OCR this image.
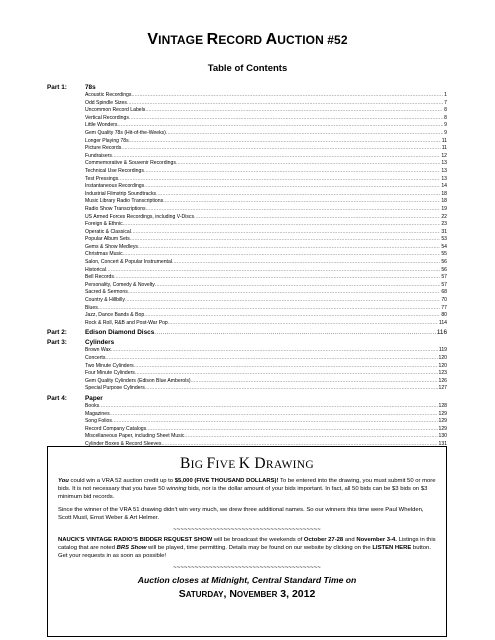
VINTAGE RECORD AUCTION #52
Table of Contents
Part 1:	78s
Acoustic Recordings .....	1
Odd Spindle Sizes .....	7
Uncommon Record Labels .....	8
Vertical Recordings .....	8
Little Wonders .....	9
Gem Quality 78s (Hit-of-the-Weeks) .....	9
Longer Playing 78s .....	11
Picture Records .....	11
Fundraisers .....	12
Commemorative & Souvenir Recordings .....	13
Technical Use Recordings .....	13
Test Pressings .....	13
Instantaneous Recordings .....	14
Industrial Filmstrip Soundtracks .....	18
Music Library Radio Transcriptions .....	18
Radio Show Transcriptions .....	19
US Armed Forces Recordings, including V-Discs .....	22
Foreign & Ethnic .....	23
Operatic & Classical .....	31
Popular Album Sets .....	53
Gems & Show Medleys .....	54
Christmas Music .....	55
Salon, Concert & Popular Instrumental .....	56
Historical .....	56
Bell Records .....	57
Personality, Comedy & Novelty .....	57
Sacred & Sermons .....	68
Country & Hillbilly .....	70
Blues .....	77
Jazz, Dance Bands & Bop .....	80
Rock & Roll, R&B and Post-War Pop .....	114
Part 2:	Edison Diamond Discs .....	116
Part 3:	Cylinders
Brown Wax .....	119
Concerts .....	120
Two Minute Cylinders .....	120
Four Minute Cylinders .....	123
Gem Quality Cylinders (Edison Blue Amberols) .....	126
Special Purpose Cylinders .....	127
Part 4:	Paper
Books .....	128
Magazines .....	129
Song Folios .....	129
Record Company Catalogs .....	129
Miscellaneous Paper, including Sheet Music .....	130
Cylinder Boxes & Record Sleeves .....	131
BIG FIVE K DRAWING

You could win a VRA 52 auction credit up to $5,000 (FIVE THOUSAND DOLLARS)! To be entered into the drawing, you must submit 50 or more bids. It is not necessary that you have 50 winning bids, nor is the dollar amount of your bids important. In fact, all 50 bids can be $3 bids on $3 minimum bid records.

Since the winner of the VRA 51 drawing didn't win very much, we drew three additional names. So our winners this time were Paul Whelden, Scott Musil, Ernst Weber & Art Helmer.

~~~~~~~~~~~~~~~~~~~~~~~~~~~~~~~~~~~~~~~~~

NAUCK'S VINTAGE RADIO'S BIDDER REQUEST SHOW will be broadcast the weekends of October 27-28 and November 3-4. Listings in this catalog that are noted BRS Show will be played, time permitting. Details may be found on our website by clicking on the LISTEN HERE button. Get your requests in as soon as possible!

~~~~~~~~~~~~~~~~~~~~~~~~~~~~~~~~~~~~~~~~~
Auction closes at Midnight, Central Standard Time on
SATURDAY, NOVEMBER 3, 2012
